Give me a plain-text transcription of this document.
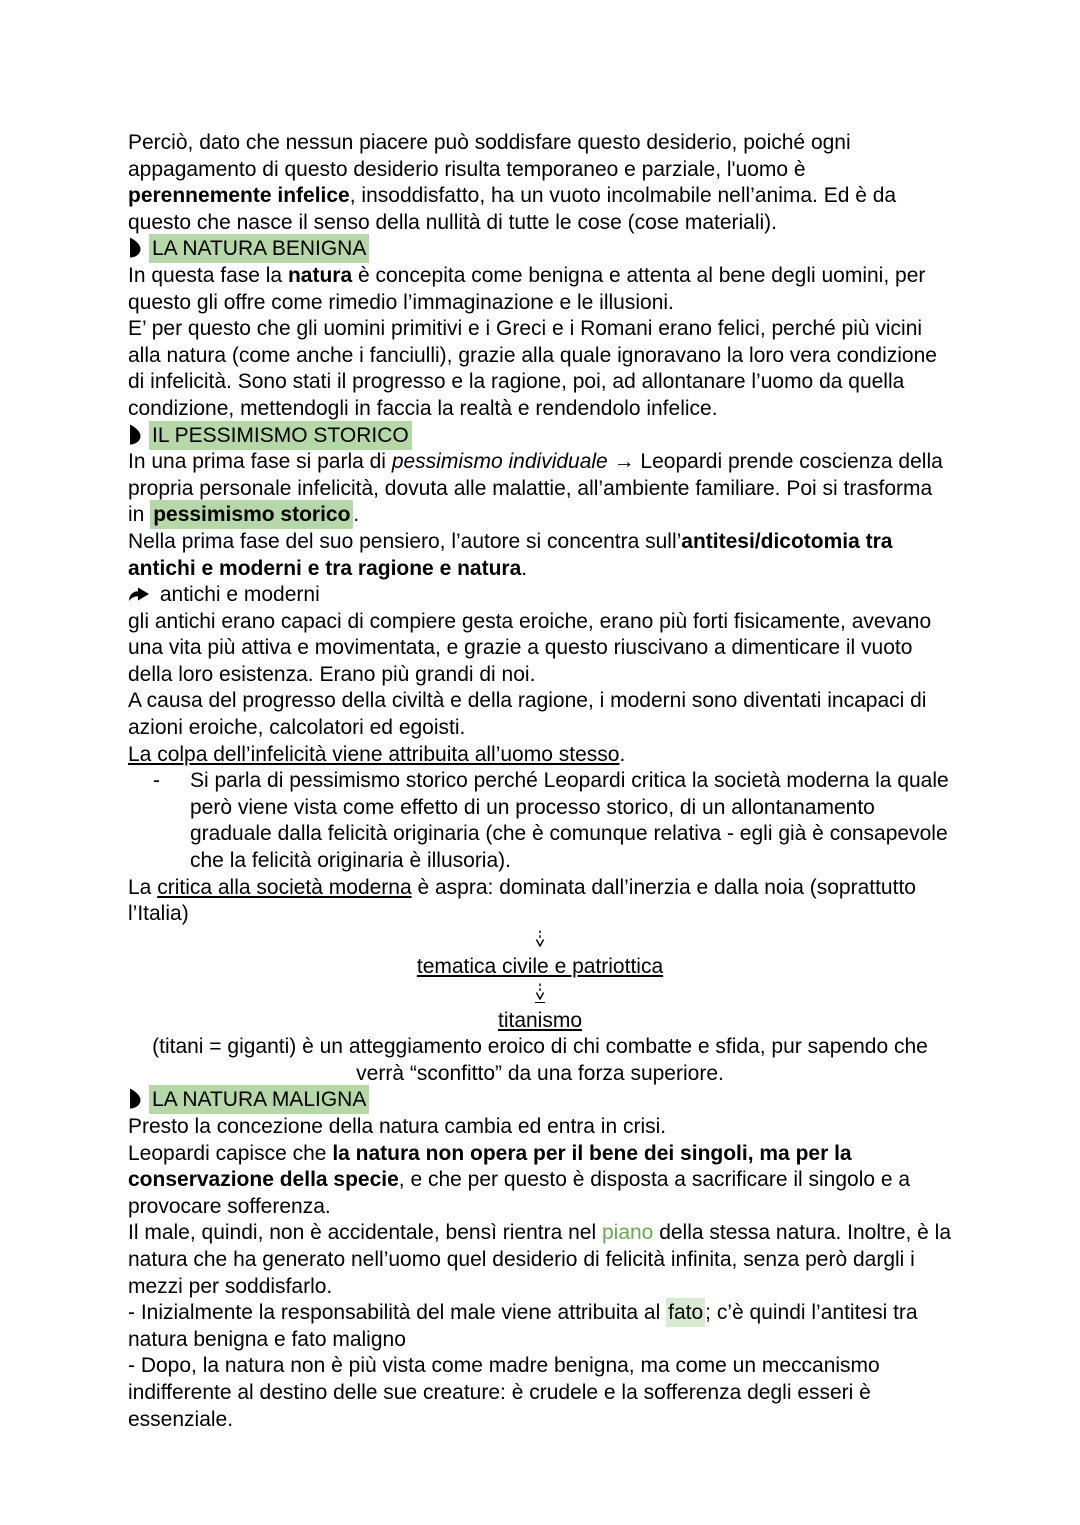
Perciò, dato che nessun piacere può soddisfare questo desiderio, poiché ogni appagamento di questo desiderio risulta temporaneo e parziale, l'uomo è perennemente infelice, insoddisfatto, ha un vuoto incolmabile nell’anima. Ed è da questo che nasce il senso della nullità di tutte le cose (cose materiali).
LA NATURA BENIGNA
In questa fase la natura è concepita come benigna e attenta al bene degli uomini, per questo gli offre come rimedio l’immaginazione e le illusioni.
E’ per questo che gli uomini primitivi e i Greci e i Romani erano felici, perché più vicini alla natura (come anche i fanciulli), grazie alla quale ignoravano la loro vera condizione di infelicità. Sono stati il progresso e la ragione, poi, ad allontanare l’uomo da quella condizione, mettendogli in faccia la realtà e rendendolo infelice.
IL PESSIMISMO STORICO
In una prima fase si parla di pessimismo individuale → Leopardi prende coscienza della propria personale infelicità, dovuta alle malattie, all’ambiente familiare. Poi si trasforma in pessimismo storico .
Nella prima fase del suo pensiero, l’autore si concentra sull’antitesi/dicotomia tra antichi e moderni e tra ragione e natura.
antichi e moderni
gli antichi erano capaci di compiere gesta eroiche, erano più forti fisicamente, avevano una vita più attiva e movimentata, e grazie a questo riuscivano a dimenticare il vuoto della loro esistenza. Erano più grandi di noi.
A causa del progresso della civiltà e della ragione, i moderni sono diventati incapaci di azioni eroiche, calcolatori ed egoisti.
La colpa dell’infelicità viene attribuita all’uomo stesso.
- Si parla di pessimismo storico perché Leopardi critica la società moderna la quale però viene vista come effetto di un processo storico, di un allontanamento graduale dalla felicità originaria (che è comunque relativa - egli già è consapevole che la felicità originaria è illusoria).
La critica alla società moderna è aspra: dominata dall’inerzia e dalla noia (soprattutto l’Italia)
tematica civile e patriottica
titanismo
(titani = giganti) è un atteggiamento eroico di chi combatte e sfida, pur sapendo che verrà “sconfitto” da una forza superiore.
LA NATURA MALIGNA
Presto la concezione della natura cambia ed entra in crisi.
Leopardi capisce che la natura non opera per il bene dei singoli, ma per la conservazione della specie, e che per questo è disposta a sacrificare il singolo e a provocare sofferenza.
Il male, quindi, non è accidentale, bensì rientra nel piano della stessa natura. Inoltre, è la natura che ha generato nell’uomo quel desiderio di felicità infinita, senza però dargli i mezzi per soddisfarlo.
- Inizialmente la responsabilità del male viene attribuita al fato; c’è quindi l’antitesi tra natura benigna e fato maligno
- Dopo, la natura non è più vista come madre benigna, ma come un meccanismo indifferente al destino delle sue creature: è crudele e la sofferenza degli esseri è essenziale.
